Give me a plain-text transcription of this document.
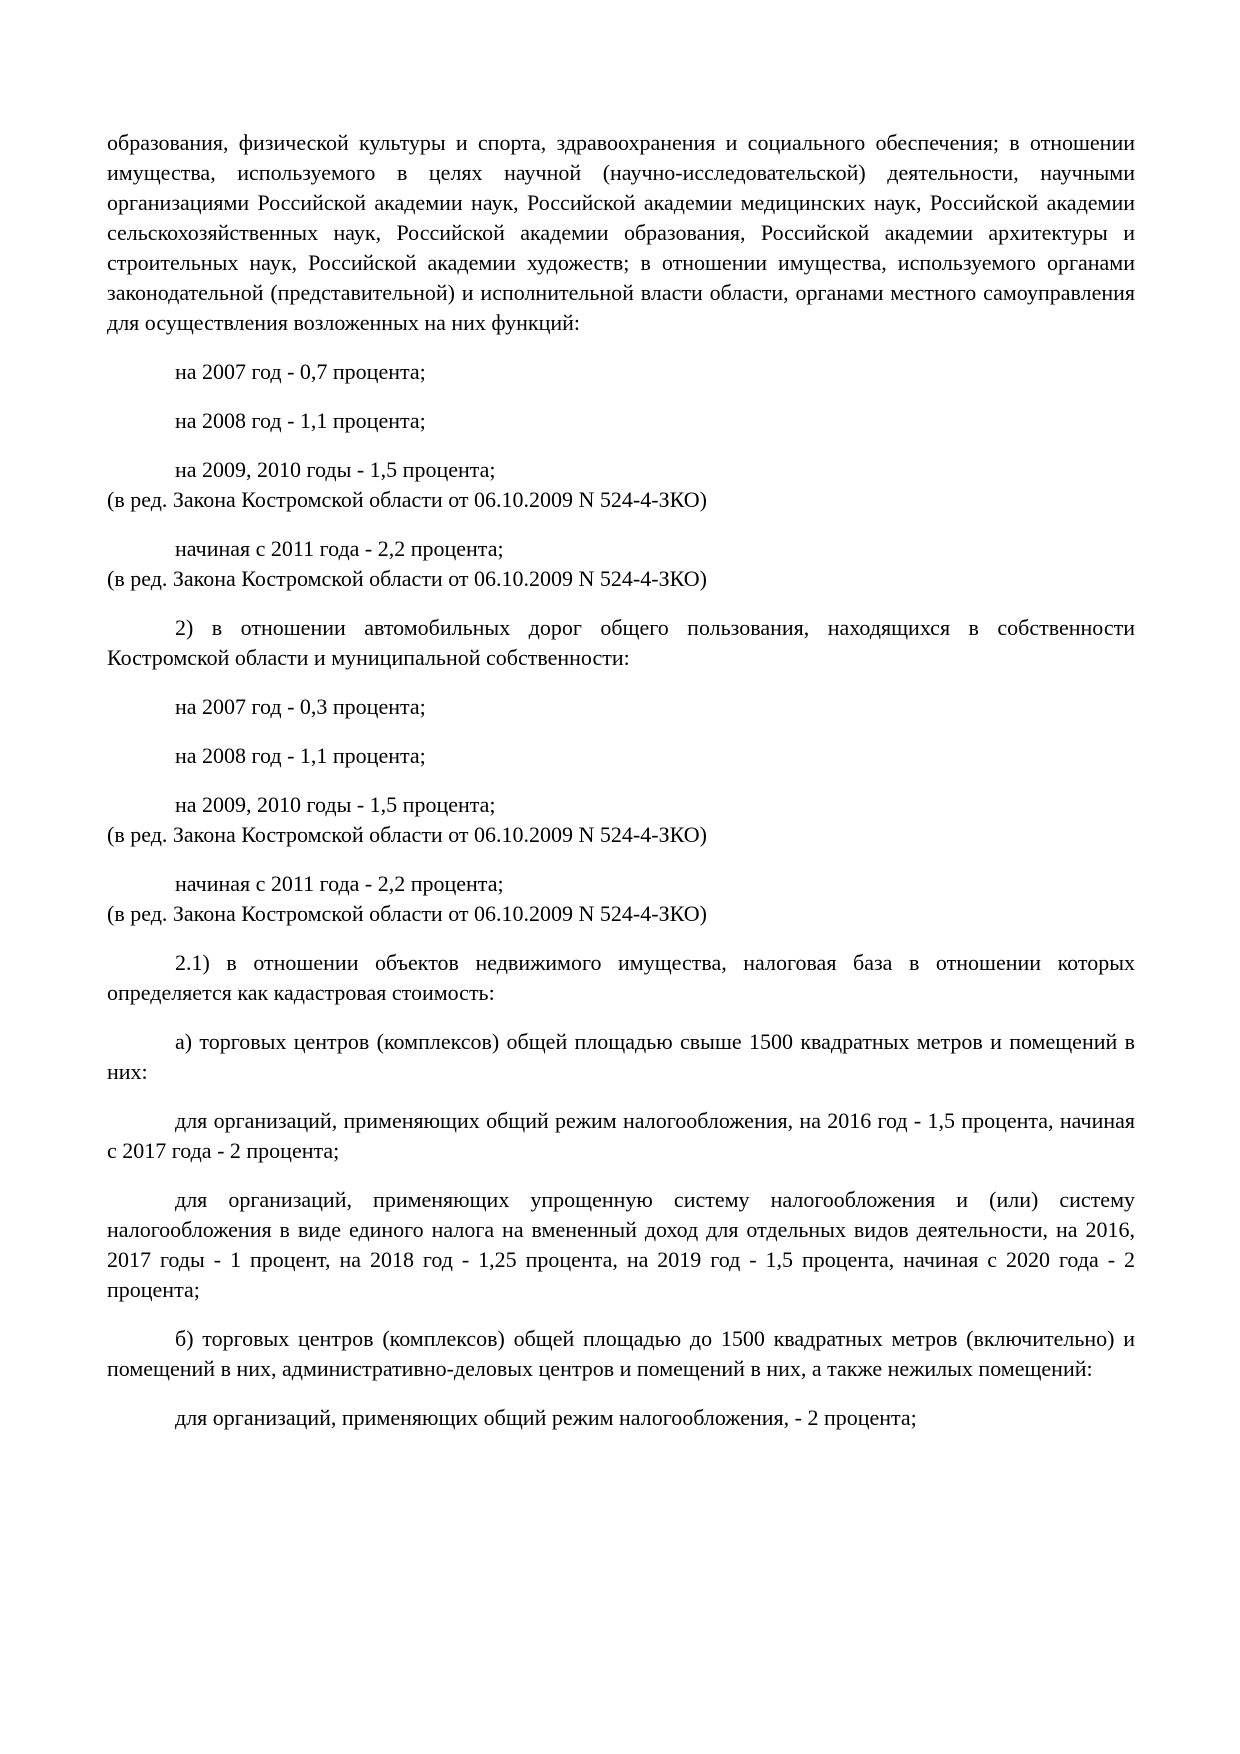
образования, физической культуры и спорта, здравоохранения и социального обеспечения; в отношении имущества, используемого в целях научной (научно-исследовательской) деятельности, научными организациями Российской академии наук, Российской академии медицинских наук, Российской академии сельскохозяйственных наук, Российской академии образования, Российской академии архитектуры и строительных наук, Российской академии художеств; в отношении имущества, используемого органами законодательной (представительной) и исполнительной власти области, органами местного самоуправления для осуществления возложенных на них функций:

на 2007 год - 0,7 процента;

на 2008 год - 1,1 процента;

на 2009, 2010 годы - 1,5 процента;

(в ред. Закона Костромской области от 06.10.2009 N 524-4-ЗКО)

начиная с 2011 года - 2,2 процента;

(в ред. Закона Костромской области от 06.10.2009 N 524-4-ЗКО)

2) в отношении автомобильных дорог общего пользования, находящихся в собственности Костромской области и муниципальной собственности:

на 2007 год - 0,3 процента;

на 2008 год - 1,1 процента;

на 2009, 2010 годы - 1,5 процента;

(в ред. Закона Костромской области от 06.10.2009 N 524-4-ЗКО)

начиная с 2011 года - 2,2 процента;

(в ред. Закона Костромской области от 06.10.2009 N 524-4-ЗКО)

2.1) в отношении объектов недвижимого имущества, налоговая база в отношении которых определяется как кадастровая стоимость:

а) торговых центров (комплексов) общей площадью свыше 1500 квадратных метров и помещений в них:

для организаций, применяющих общий режим налогообложения, на 2016 год - 1,5 процента, начиная с 2017 года - 2 процента;

для организаций, применяющих упрощенную систему налогообложения и (или) систему налогообложения в виде единого налога на вмененный доход для отдельных видов деятельности, на 2016, 2017 годы - 1 процент, на 2018 год - 1,25 процента, на 2019 год - 1,5 процента, начиная с 2020 года - 2 процента;

б) торговых центров (комплексов) общей площадью до 1500 квадратных метров (включительно) и помещений в них, административно-деловых центров и помещений в них, а также нежилых помещений:

для организаций, применяющих общий режим налогообложения, - 2 процента;
